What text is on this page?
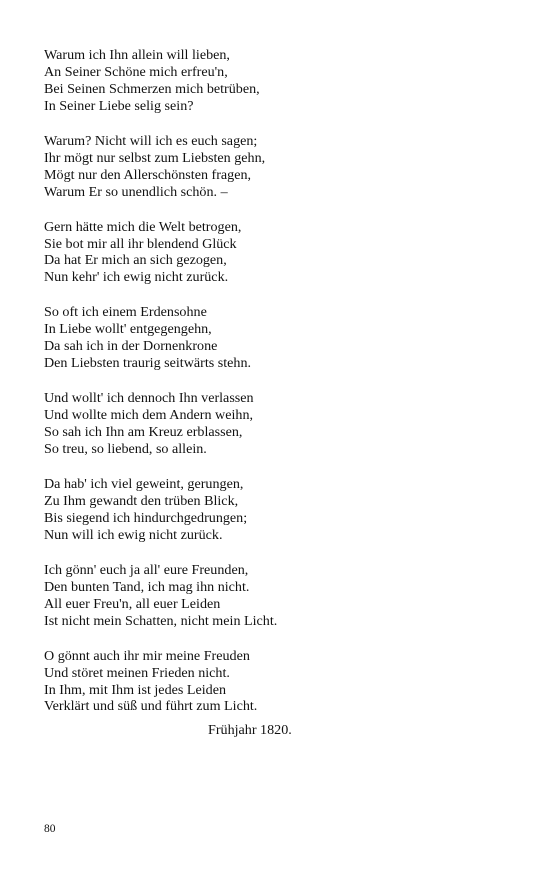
Warum ich Ihn allein will lieben,
An Seiner Schöne mich erfreu'n,
Bei Seinen Schmerzen mich betrüben,
In Seiner Liebe selig sein?
Warum? Nicht will ich es euch sagen;
Ihr mögt nur selbst zum Liebsten gehn,
Mögt nur den Allerschönsten fragen,
Warum Er so unendlich schön. –
Gern hätte mich die Welt betrogen,
Sie bot mir all ihr blendend Glück
Da hat Er mich an sich gezogen,
Nun kehr' ich ewig nicht zurück.
So oft ich einem Erdensohne
In Liebe wollt' entgegengehn,
Da sah ich in der Dornenkrone
Den Liebsten traurig seitwärts stehn.
Und wollt' ich dennoch Ihn verlassen
Und wollte mich dem Andern weihn,
So sah ich Ihn am Kreuz erblassen,
So treu, so liebend, so allein.
Da hab' ich viel geweint, gerungen,
Zu Ihm gewandt den trüben Blick,
Bis siegend ich hindurchgedrungen;
Nun will ich ewig nicht zurück.
Ich gönn' euch ja all' eure Freunden,
Den bunten Tand, ich mag ihn nicht.
All euer Freu'n, all euer Leiden
Ist nicht mein Schatten, nicht mein Licht.
O gönnt auch ihr mir meine Freuden
Und störet meinen Frieden nicht.
In Ihm, mit Ihm ist jedes Leiden
Verklärt und süß und führt zum Licht.
Frühjahr 1820.
80
